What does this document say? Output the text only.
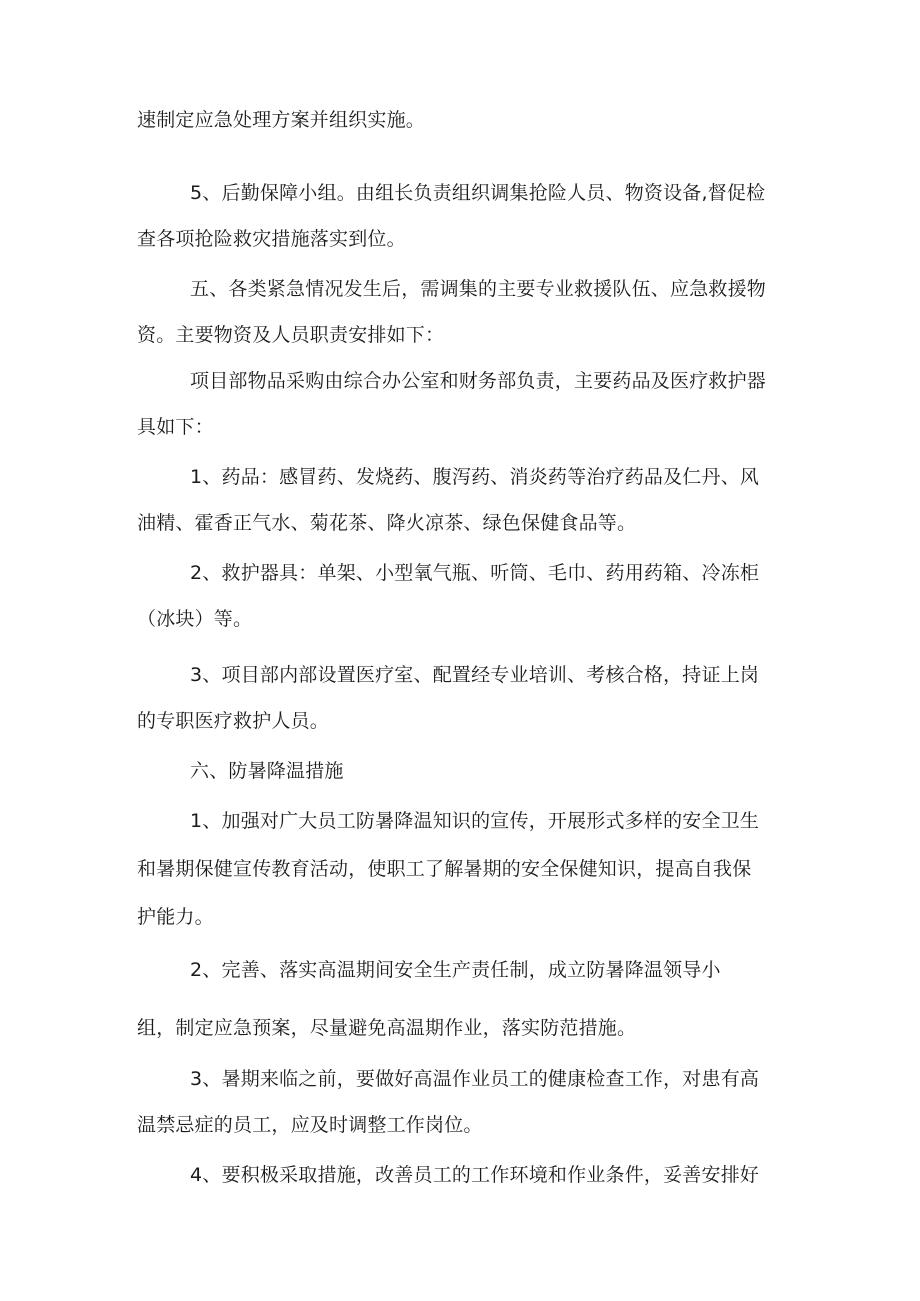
速制定应急处理方案并组织实施。
5、后勤保障小组。由组长负责组织调集抢险人员、物资设备,督促检
查各项抢险救灾措施落实到位。
五、各类紧急情况发生后，需调集的主要专业救援队伍、应急救援物
资。主要物资及人员职责安排如下：
项目部物品采购由综合办公室和财务部负责，主要药品及医疗救护器
具如下：
1、药品：感冒药、发烧药、腹泻药、消炎药等治疗药品及仁丹、风
油精、霍香正气水、菊花茶、降火凉茶、绿色保健食品等。
2、救护器具：单架、小型氧气瓶、听筒、毛巾、药用药箱、冷冻柜
（冰块）等。
3、项目部内部设置医疗室、配置经专业培训、考核合格，持证上岗
的专职医疗救护人员。
六、防暑降温措施
1、加强对广大员工防暑降温知识的宣传，开展形式多样的安全卫生
和暑期保健宣传教育活动，使职工了解暑期的安全保健知识，提高自我保
护能力。
2、完善、落实高温期间安全生产责任制，成立防暑降温领导小
组，制定应急预案，尽量避免高温期作业，落实防范措施。
3、暑期来临之前，要做好高温作业员工的健康检查工作，对患有高
温禁忌症的员工，应及时调整工作岗位。
4、要积极采取措施，改善员工的工作环境和作业条件，妥善安排好
